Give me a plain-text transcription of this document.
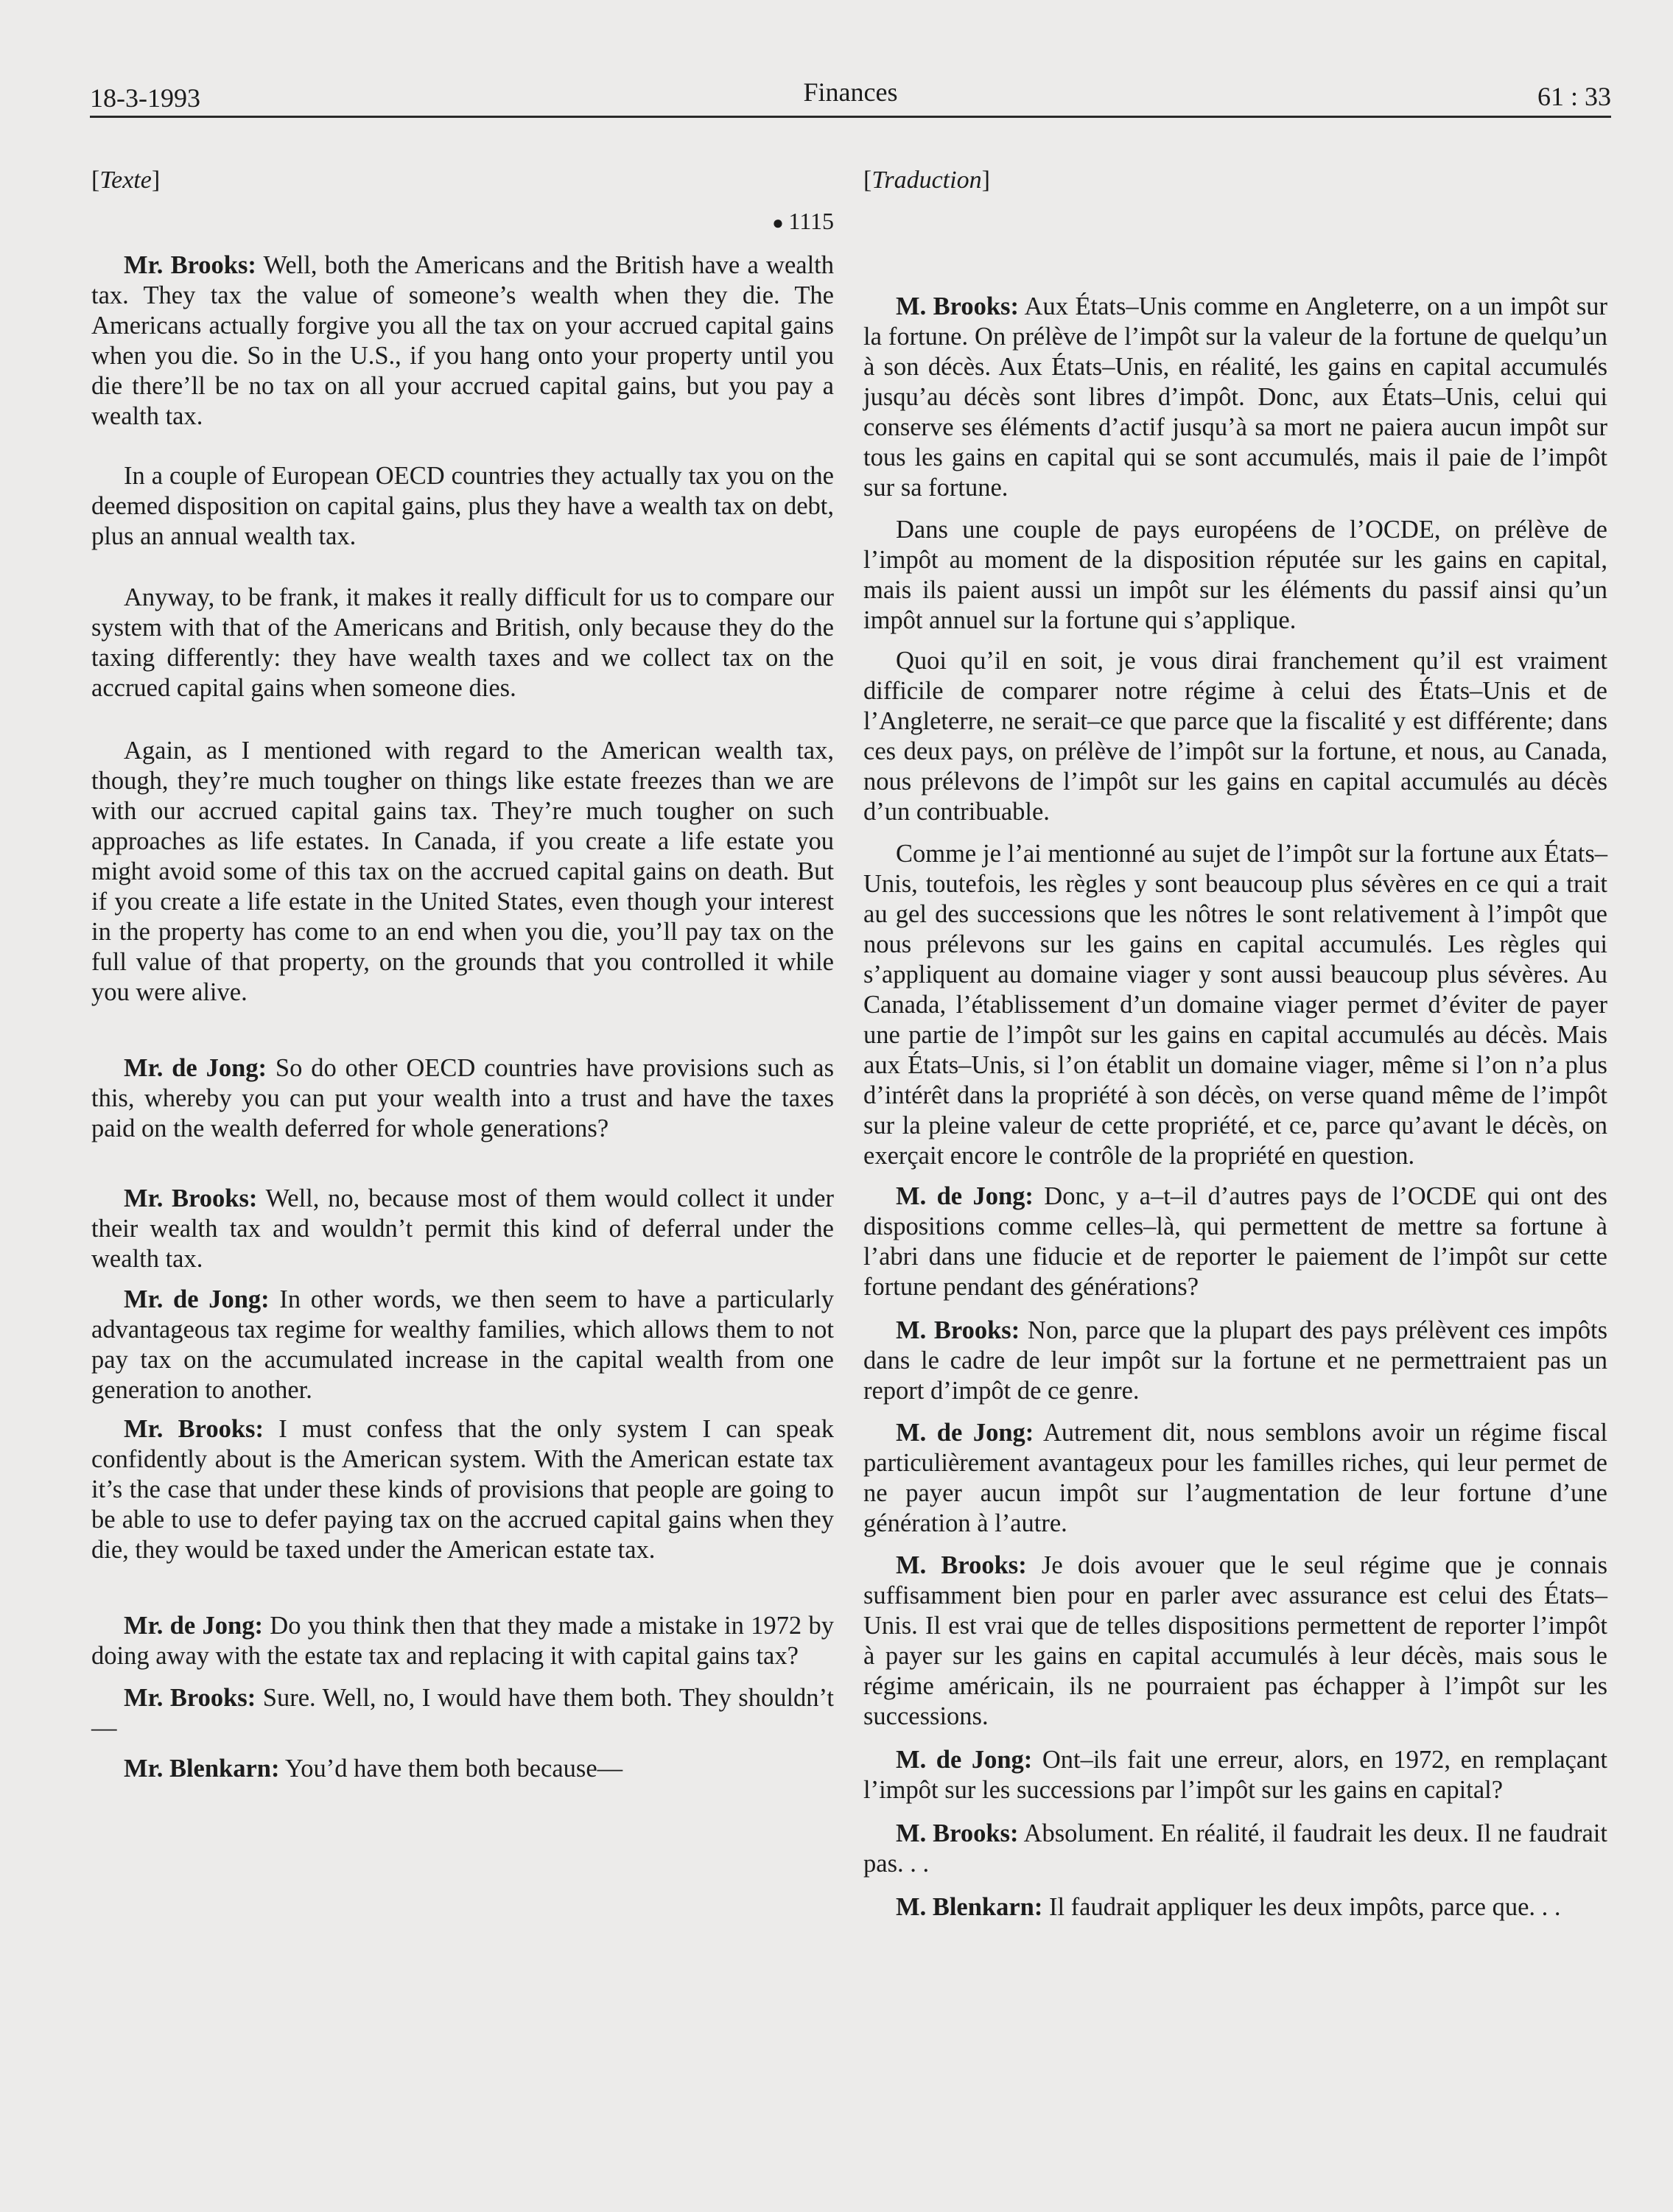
18-3-1993	Finances	61 : 33
[Texte]
● 1115

Mr. Brooks: Well, both the Americans and the British have a wealth tax. They tax the value of someone’s wealth when they die. The Americans actually forgive you all the tax on your accrued capital gains when you die. So in the U.S., if you hang onto your property until you die there’ll be no tax on all your accrued capital gains, but you pay a wealth tax.

In a couple of European OECD countries they actually tax you on the deemed disposition on capital gains, plus they have a wealth tax on debt, plus an annual wealth tax.

Anyway, to be frank, it makes it really difficult for us to compare our system with that of the Americans and British, only because they do the taxing differently: they have wealth taxes and we collect tax on the accrued capital gains when someone dies.

Again, as I mentioned with regard to the American wealth tax, though, they’re much tougher on things like estate freezes than we are with our accrued capital gains tax. They’re much tougher on such approaches as life estates. In Canada, if you create a life estate you might avoid some of this tax on the accrued capital gains on death. But if you create a life estate in the United States, even though your interest in the property has come to an end when you die, you’ll pay tax on the full value of that property, on the grounds that you controlled it while you were alive.

Mr. de Jong: So do other OECD countries have provisions such as this, whereby you can put your wealth into a trust and have the taxes paid on the wealth deferred for whole generations?

Mr. Brooks: Well, no, because most of them would collect it under their wealth tax and wouldn’t permit this kind of deferral under the wealth tax.

Mr. de Jong: In other words, we then seem to have a particularly advantageous tax regime for wealthy families, which allows them to not pay tax on the accumulated increase in the capital wealth from one generation to another.

Mr. Brooks: I must confess that the only system I can speak confidently about is the American system. With the American estate tax it’s the case that under these kinds of provisions that people are going to be able to use to defer paying tax on the accrued capital gains when they die, they would be taxed under the American estate tax.

Mr. de Jong: Do you think then that they made a mistake in 1972 by doing away with the estate tax and replacing it with capital gains tax?

Mr. Brooks: Sure. Well, no, I would have them both. They shouldn’t—

Mr. Blenkarn: You’d have them both because—

[Traduction]

M. Brooks: Aux États–Unis comme en Angleterre, on a un impôt sur la fortune. On prélève de l’impôt sur la valeur de la fortune de quelqu’un à son décès. Aux États–Unis, en réalité, les gains en capital accumulés jusqu’au décès sont libres d’impôt. Donc, aux États–Unis, celui qui conserve ses éléments d’actif jusqu’à sa mort ne paiera aucun impôt sur tous les gains en capital qui se sont accumulés, mais il paie de l’impôt sur sa fortune.

Dans une couple de pays européens de l’OCDE, on prélève de l’impôt au moment de la disposition réputée sur les gains en capital, mais ils paient aussi un impôt sur les éléments du passif ainsi qu’un impôt annuel sur la fortune qui s’applique.

Quoi qu’il en soit, je vous dirai franchement qu’il est vraiment difficile de comparer notre régime à celui des États–Unis et de l’Angleterre, ne serait–ce que parce que la fiscalité y est différente; dans ces deux pays, on prélève de l’impôt sur la fortune, et nous, au Canada, nous prélevons de l’impôt sur les gains en capital accumulés au décès d’un contribuable.

Comme je l’ai mentionné au sujet de l’impôt sur la fortune aux États–Unis, toutefois, les règles y sont beaucoup plus sévères en ce qui a trait au gel des successions que les nôtres le sont relativement à l’impôt que nous prélevons sur les gains en capital accumulés. Les règles qui s’appliquent au domaine viager y sont aussi beaucoup plus sévères. Au Canada, l’établissement d’un domaine viager permet d’éviter de payer une partie de l’impôt sur les gains en capital accumulés au décès. Mais aux États–Unis, si l’on établit un domaine viager, même si l’on n’a plus d’intérêt dans la propriété à son décès, on verse quand même de l’impôt sur la pleine valeur de cette propriété, et ce, parce qu’avant le décès, on exerçait encore le contrôle de la propriété en question.

M. de Jong: Donc, y a–t–il d’autres pays de l’OCDE qui ont des dispositions comme celles–là, qui permettent de mettre sa fortune à l’abri dans une fiducie et de reporter le paiement de l’impôt sur cette fortune pendant des générations?

M. Brooks: Non, parce que la plupart des pays prélèvent ces impôts dans le cadre de leur impôt sur la fortune et ne permettraient pas un report d’impôt de ce genre.

M. de Jong: Autrement dit, nous semblons avoir un régime fiscal particulièrement avantageux pour les familles riches, qui leur permet de ne payer aucun impôt sur l’augmentation de leur fortune d’une génération à l’autre.

M. Brooks: Je dois avouer que le seul régime que je connais suffisamment bien pour en parler avec assurance est celui des États–Unis. Il est vrai que de telles dispositions permettent de reporter l’impôt à payer sur les gains en capital accumulés à leur décès, mais sous le régime américain, ils ne pourraient pas échapper à l’impôt sur les successions.

M. de Jong: Ont–ils fait une erreur, alors, en 1972, en remplaçant l’impôt sur les successions par l’impôt sur les gains en capital?

M. Brooks: Absolument. En réalité, il faudrait les deux. Il ne faudrait pas. . .

M. Blenkarn: Il faudrait appliquer les deux impôts, parce que. . .
